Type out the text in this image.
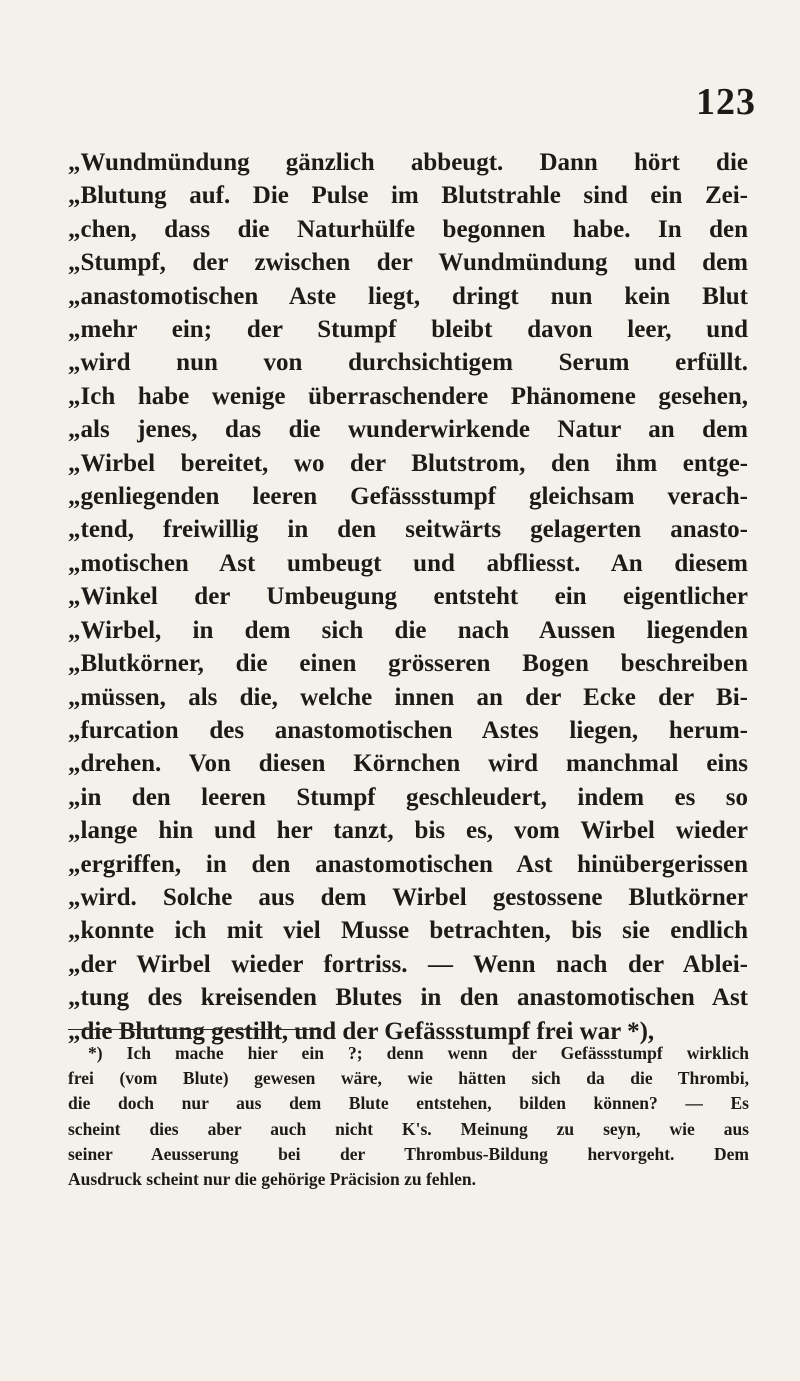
123
„Wundmündung gänzlich abbeugt. Dann hört die
„Blutung auf. Die Pulse im Blutstrahle sind ein Zei-
„chen, dass die Naturhülfe begonnen habe. In den
„Stumpf, der zwischen der Wundmündung und dem
„anastomotischen Aste liegt, dringt nun kein Blut
„mehr ein; der Stumpf bleibt davon leer, und
„wird nun von durchsichtigem Serum erfüllt.
„Ich habe wenige überraschendere Phänomene gesehen,
„als jenes, das die wunderwirkende Natur an dem
„Wirbel bereitet, wo der Blutstrom, den ihm entge-
„genliegenden leeren Gefässstumpf gleichsam verach-
„tend, freiwillig in den seitwärts gelagerten anasto-
„motischen Ast umbeugt und abfliesst. An diesem
„Winkel der Umbeugung entsteht ein eigentlicher
„Wirbel, in dem sich die nach Aussen liegenden
„Blutkörner, die einen grösseren Bogen beschreiben
„müssen, als die, welche innen an der Ecke der Bi-
„furcation des anastomotischen Astes liegen, herum-
„drehen. Von diesen Körnchen wird manchmal eins
„in den leeren Stumpf geschleudert, indem es so
„lange hin und her tanzt, bis es, vom Wirbel wieder
„ergriffen, in den anastomotischen Ast hinübergerissen
„wird. Solche aus dem Wirbel gestossene Blutkörner
„konnte ich mit viel Musse betrachten, bis sie endlich
„der Wirbel wieder fortriss. — Wenn nach der Ablei-
„tung des kreisenden Blutes in den anastomotischen Ast
„die Blutung gestillt, und der Gefässstumpf frei war *),
*) Ich mache hier ein ?; denn wenn der Gefässstumpf wirklich
frei (vom Blute) gewesen wäre, wie hätten sich da die Thrombi,
die doch nur aus dem Blute entstehen, bilden können? — Es
scheint dies aber auch nicht K's. Meinung zu seyn, wie aus
seiner Aeusserung bei der Thrombus-Bildung hervorgeht. Dem
Ausdruck scheint nur die gehörige Präcision zu fehlen.
